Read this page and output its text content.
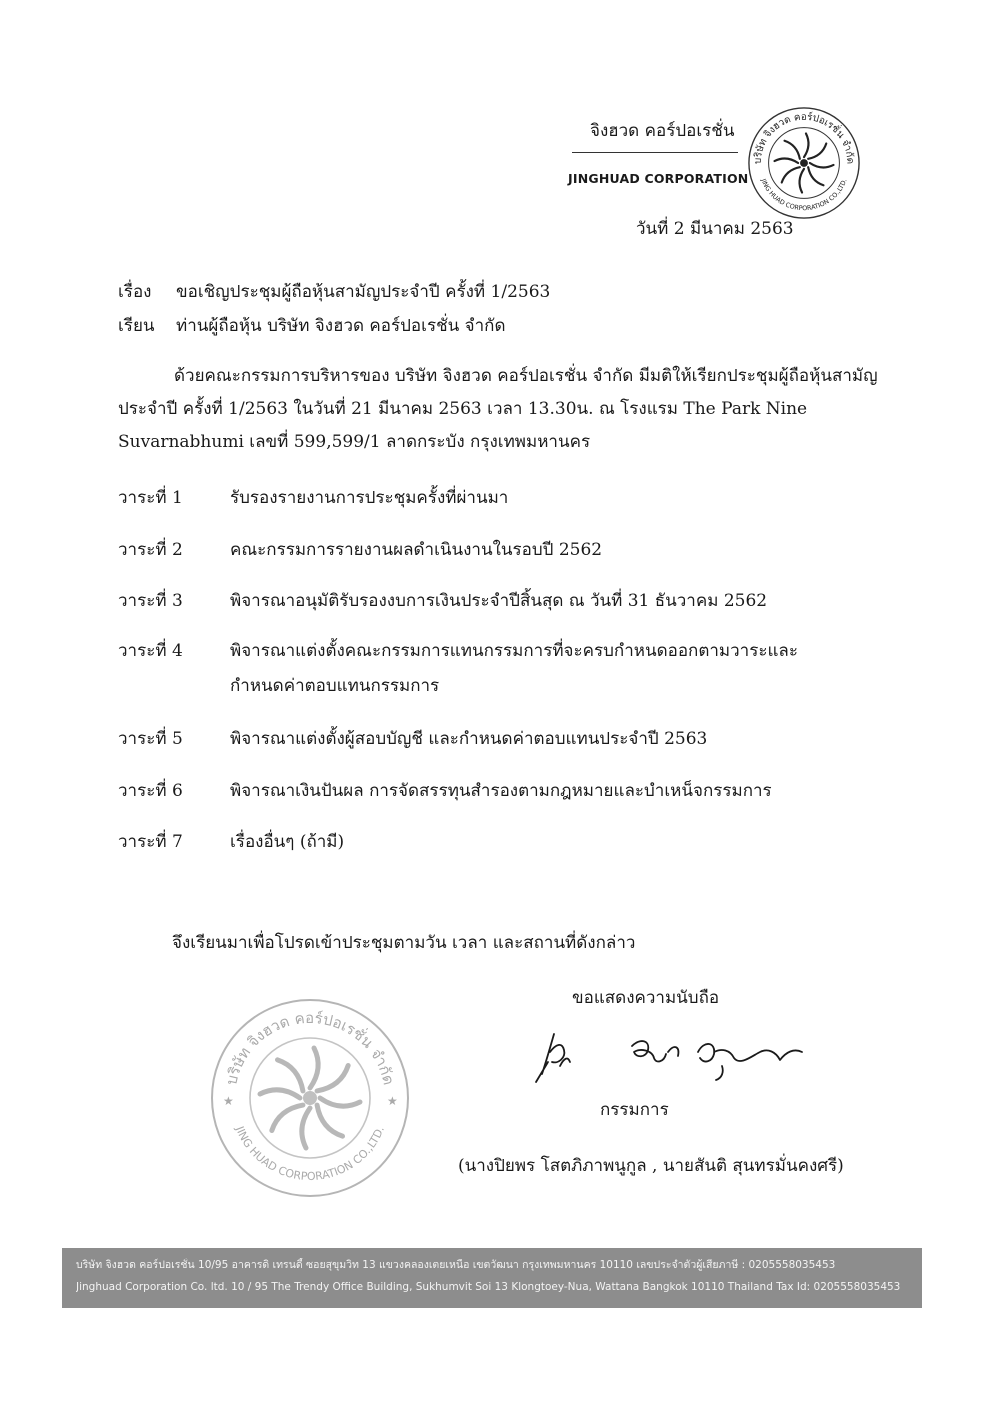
จิงฮวด คอร์ปอเรชั่น
JINGHUAD CORPORATION
บริษัท จิงฮวด คอร์ปอเรชั่น จำกัด
JING HUAD CORPORATION CO.,LTD.
วันที่ 2 มีนาคม 2563
เรื่อง ขอเชิญประชุมผู้ถือหุ้นสามัญประจำปี ครั้งที่ 1/2563
เรียน ท่านผู้ถือหุ้น บริษัท จิงฮวด คอร์ปอเรชั่น จำกัด

ด้วยคณะกรรมการบริหารของ บริษัท จิงฮวด คอร์ปอเรชั่น จำกัด มีมติให้เรียกประชุมผู้ถือหุ้นสามัญประจำปี ครั้งที่ 1/2563 ในวันที่ 21 มีนาคม 2563 เวลา 13.30น. ณ โรงแรม The Park Nine Suvarnabhumi เลขที่ 599,599/1 ลาดกระบัง กรุงเทพมหานคร

วาระที่ 1	รับรองรายงานการประชุมครั้งที่ผ่านมา
วาระที่ 2	คณะกรรมการรายงานผลดำเนินงานในรอบปี 2562
วาระที่ 3	พิจารณาอนุมัติรับรองงบการเงินประจำปีสิ้นสุด ณ วันที่ 31 ธันวาคม 2562
วาระที่ 4	พิจารณาแต่งตั้งคณะกรรมการแทนกรรมการที่จะครบกำหนดออกตามวาระและกำหนดค่าตอบแทนกรรมการ
วาระที่ 5	พิจารณาแต่งตั้งผู้สอบบัญชี และกำหนดค่าตอบแทนประจำปี 2563
วาระที่ 6	พิจารณาเงินปันผล การจัดสรรทุนสำรองตามกฎหมายและบำเหน็จกรรมการ
วาระที่ 7	เรื่องอื่นๆ (ถ้ามี)
จึงเรียนมาเพื่อโปรดเข้าประชุมตามวัน เวลา และสถานที่ดังกล่าว
ขอแสดงความนับถือ
บริษัท จิงฮวด คอร์ปอเรชั่น จำกัด
JING HUAD CORPORATION CO.,LTD.
★	★	กรรมการ
(นางปิยพร โสตภิภาพนูกูล , นายสันติ สุนทรมั่นคงศรี)
บริษัท จิงฮวด คอร์ปอเรชั่น 10/95 อาคารดิ เทรนดี้ ซอยสุขุมวิท 13 แขวงคลองเตยเหนือ เขตวัฒนา กรุงเทพมหานคร 10110 เลขประจำตัวผู้เสียภาษี : 0205558035453
Jinghuad Corporation Co. ltd. 10 / 95 The Trendy Office Building, Sukhumvit Soi 13 Klongtoey-Nua, Wattana Bangkok 10110 Thailand Tax Id: 0205558035453
